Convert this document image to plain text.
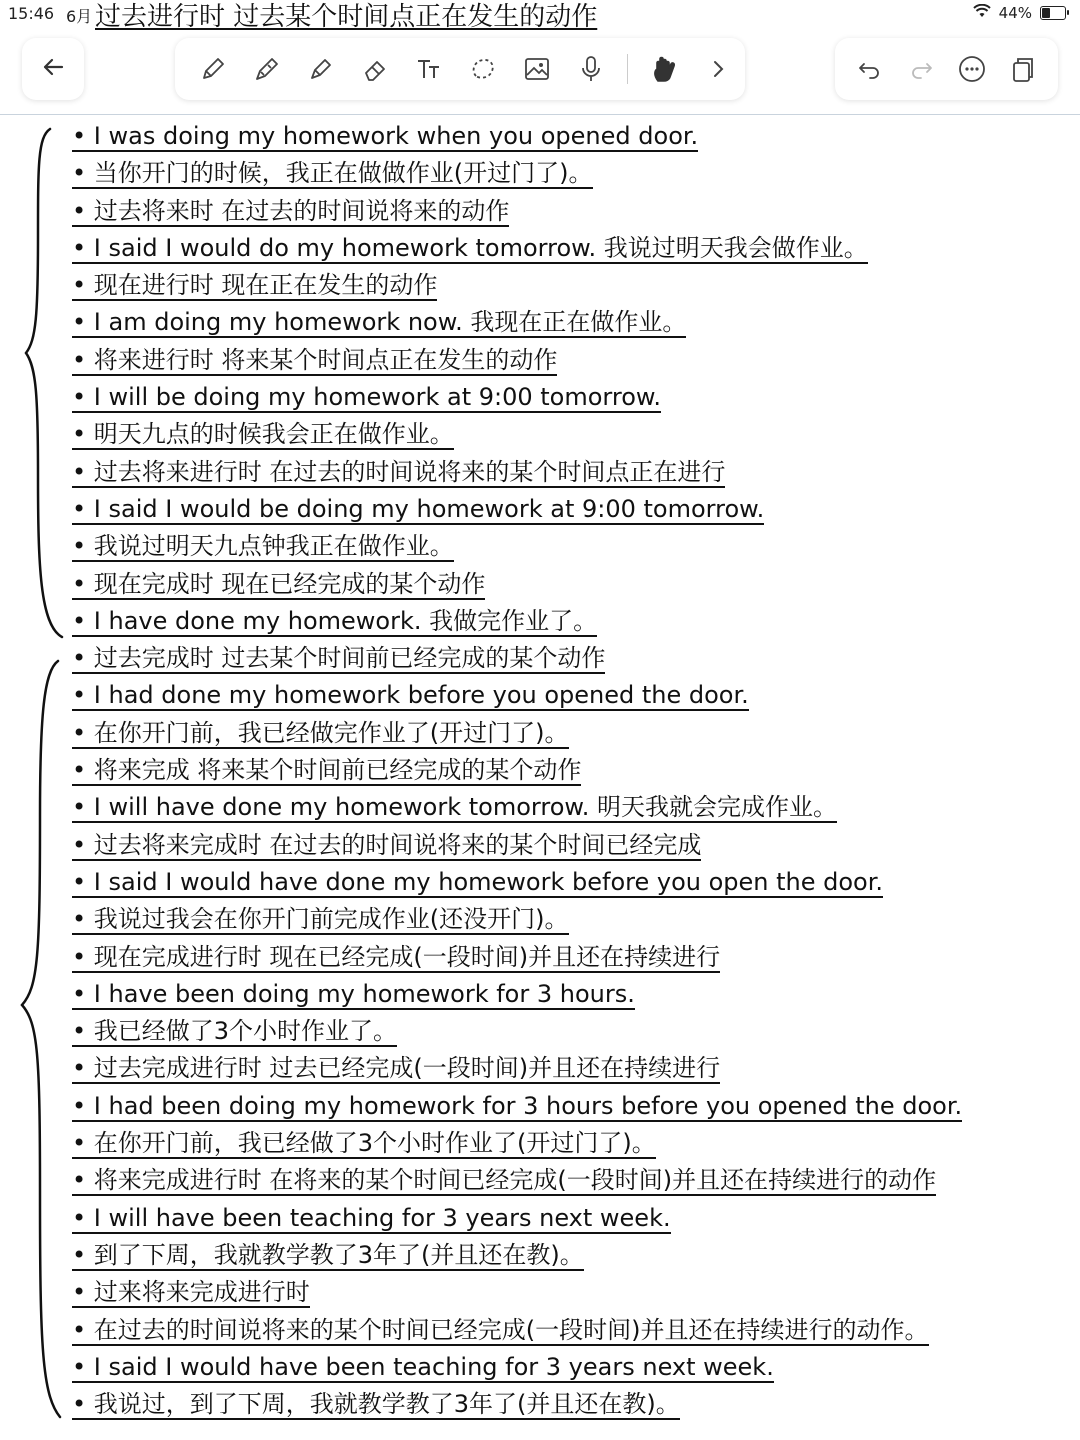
15:46 6月 过去进行时 过去某个时间点正在发生的动作	44%
• I was doing my homework when you opened door.
• 当你开门的时候，我正在做做作业(开过门了)。
• 过去将来时 在过去的时间说将来的动作
• I said I would do my homework tomorrow. 我说过明天我会做作业。
• 现在进行时 现在正在发生的动作
• I am doing my homework now. 我现在正在做作业。
• 将来进行时 将来某个时间点正在发生的动作
• I will be doing my homework at 9:00 tomorrow.
• 明天九点的时候我会正在做作业。
• 过去将来进行时 在过去的时间说将来的某个时间点正在进行
• I said I would be doing my homework at 9:00 tomorrow.
• 我说过明天九点钟我正在做作业。
• 现在完成时 现在已经完成的某个动作
• I have done my homework. 我做完作业了。
• 过去完成时 过去某个时间前已经完成的某个动作
• I had done my homework before you opened the door.
• 在你开门前，我已经做完作业了(开过门了)。
• 将来完成 将来某个时间前已经完成的某个动作
• I will have done my homework tomorrow. 明天我就会完成作业。
• 过去将来完成时 在过去的时间说将来的某个时间已经完成
• I said I would have done my homework before you open the door.
• 我说过我会在你开门前完成作业(还没开门)。
• 现在完成进行时 现在已经完成(一段时间)并且还在持续进行
• I have been doing my homework for 3 hours.
• 我已经做了3个小时作业了。
• 过去完成进行时 过去已经完成(一段时间)并且还在持续进行
• I had been doing my homework for 3 hours before you opened the door.
• 在你开门前，我已经做了3个小时作业了(开过门了)。
• 将来完成进行时 在将来的某个时间已经完成(一段时间)并且还在持续进行的动作
• I will have been teaching for 3 years next week.
• 到了下周，我就教学教了3年了(并且还在教)。
• 过来将来完成进行时
• 在过去的时间说将来的某个时间已经完成(一段时间)并且还在持续进行的动作。
• I said I would have been teaching for 3 years next week.
• 我说过，到了下周，我就教学教了3年了(并且还在教)。
